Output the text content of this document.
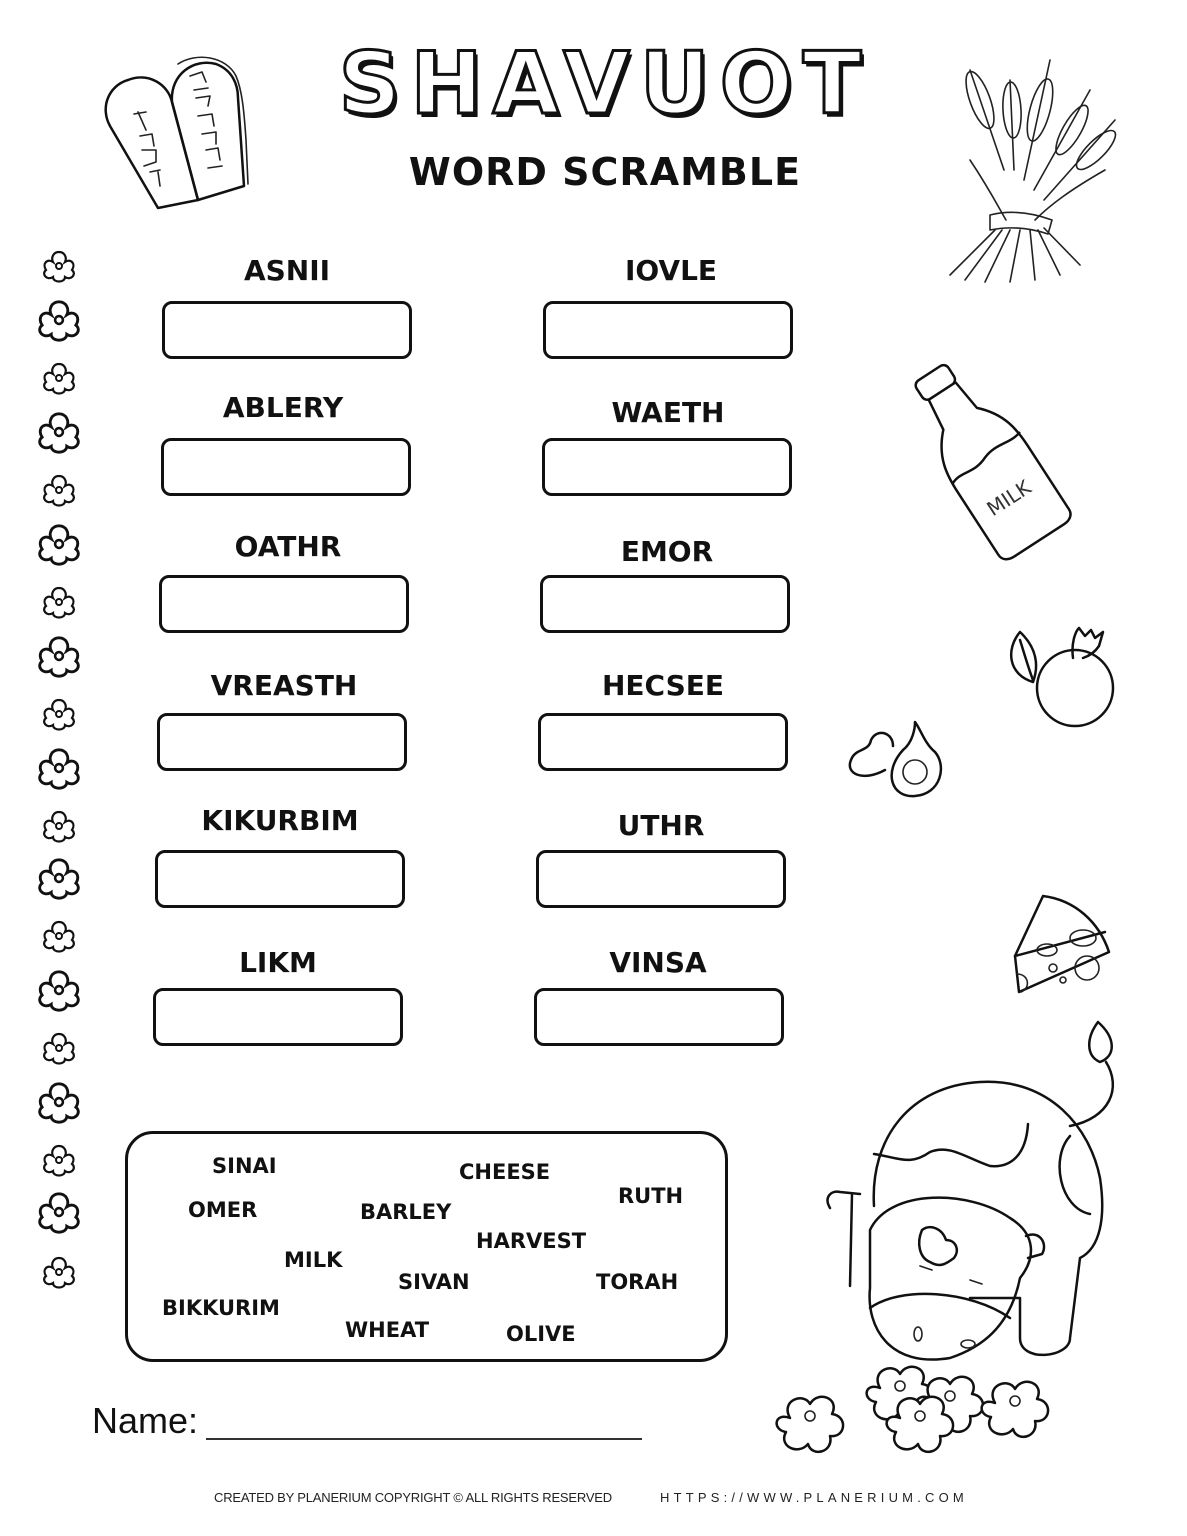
SHAVUOT
WORD SCRAMBLE
MILK
ASNII
ABLERY
OATHR
VREASTH
KIKURBIM
LIKM
IOVLE
WAETH
EMOR
HECSEE
UTHR
VINSA
SINAI	CHEESE
RUTH
OMER	BARLEY
HARVEST
MILK
SIVAN	TORAH
BIKKURIM
WHEAT	OLIVE
Name:
CREATED BY PLANERIUM COPYRIGHT © ALL RIGHTS RESERVED	HTTPS://WWW.PLANERIUM.COM
